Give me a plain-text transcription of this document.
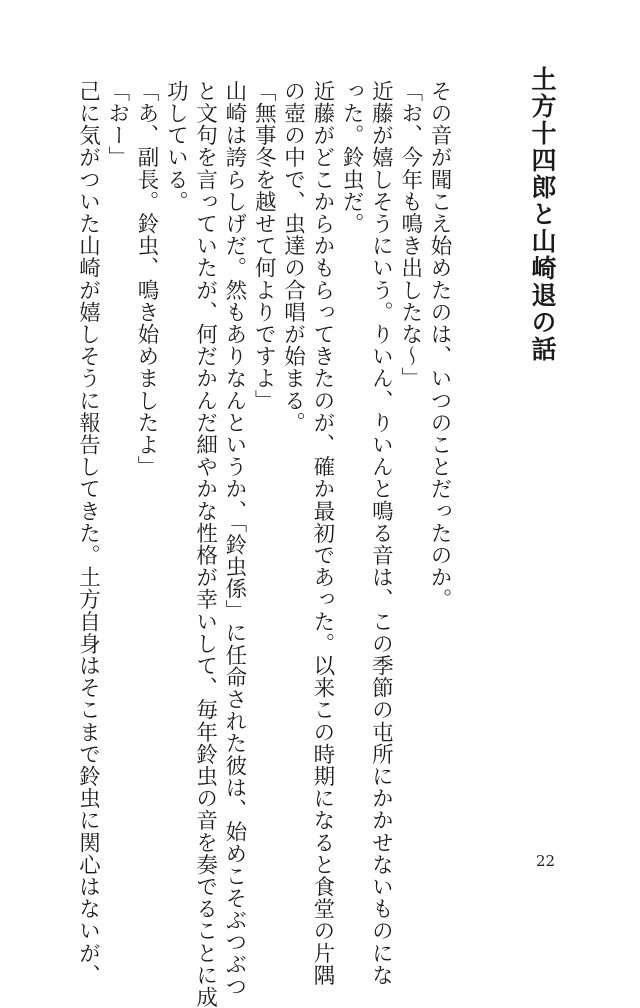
土方十四郎と山崎退の話

その音が聞こえ始めたのは、いつのことだったのか。

「お、今年も鳴き出したな〜」

近藤が嬉しそうにいう。りいん、りいんと鳴る音は、この季節の屯所にかかせないものにな

った。鈴虫だ。

近藤がどこからかもらってきたのが、確か最初であった。以来この時期になると食堂の片隅

の壺の中で、虫達の合唱が始まる。

「無事冬を越せて何よりですよ」

山崎は誇らしげだ。然もありなんというか、「鈴虫係」に任命された彼は、始めこそぶつぶつ

と文句を言っていたが、何だかんだ細やかな性格が幸いして、毎年鈴虫の音を奏でることに成

功している。

「あ、副長。鈴虫、鳴き始めましたよ」

「おー」

己に気がついた山崎が嬉しそうに報告してきた。土方自身はそこまで鈴虫に関心はないが、	22
